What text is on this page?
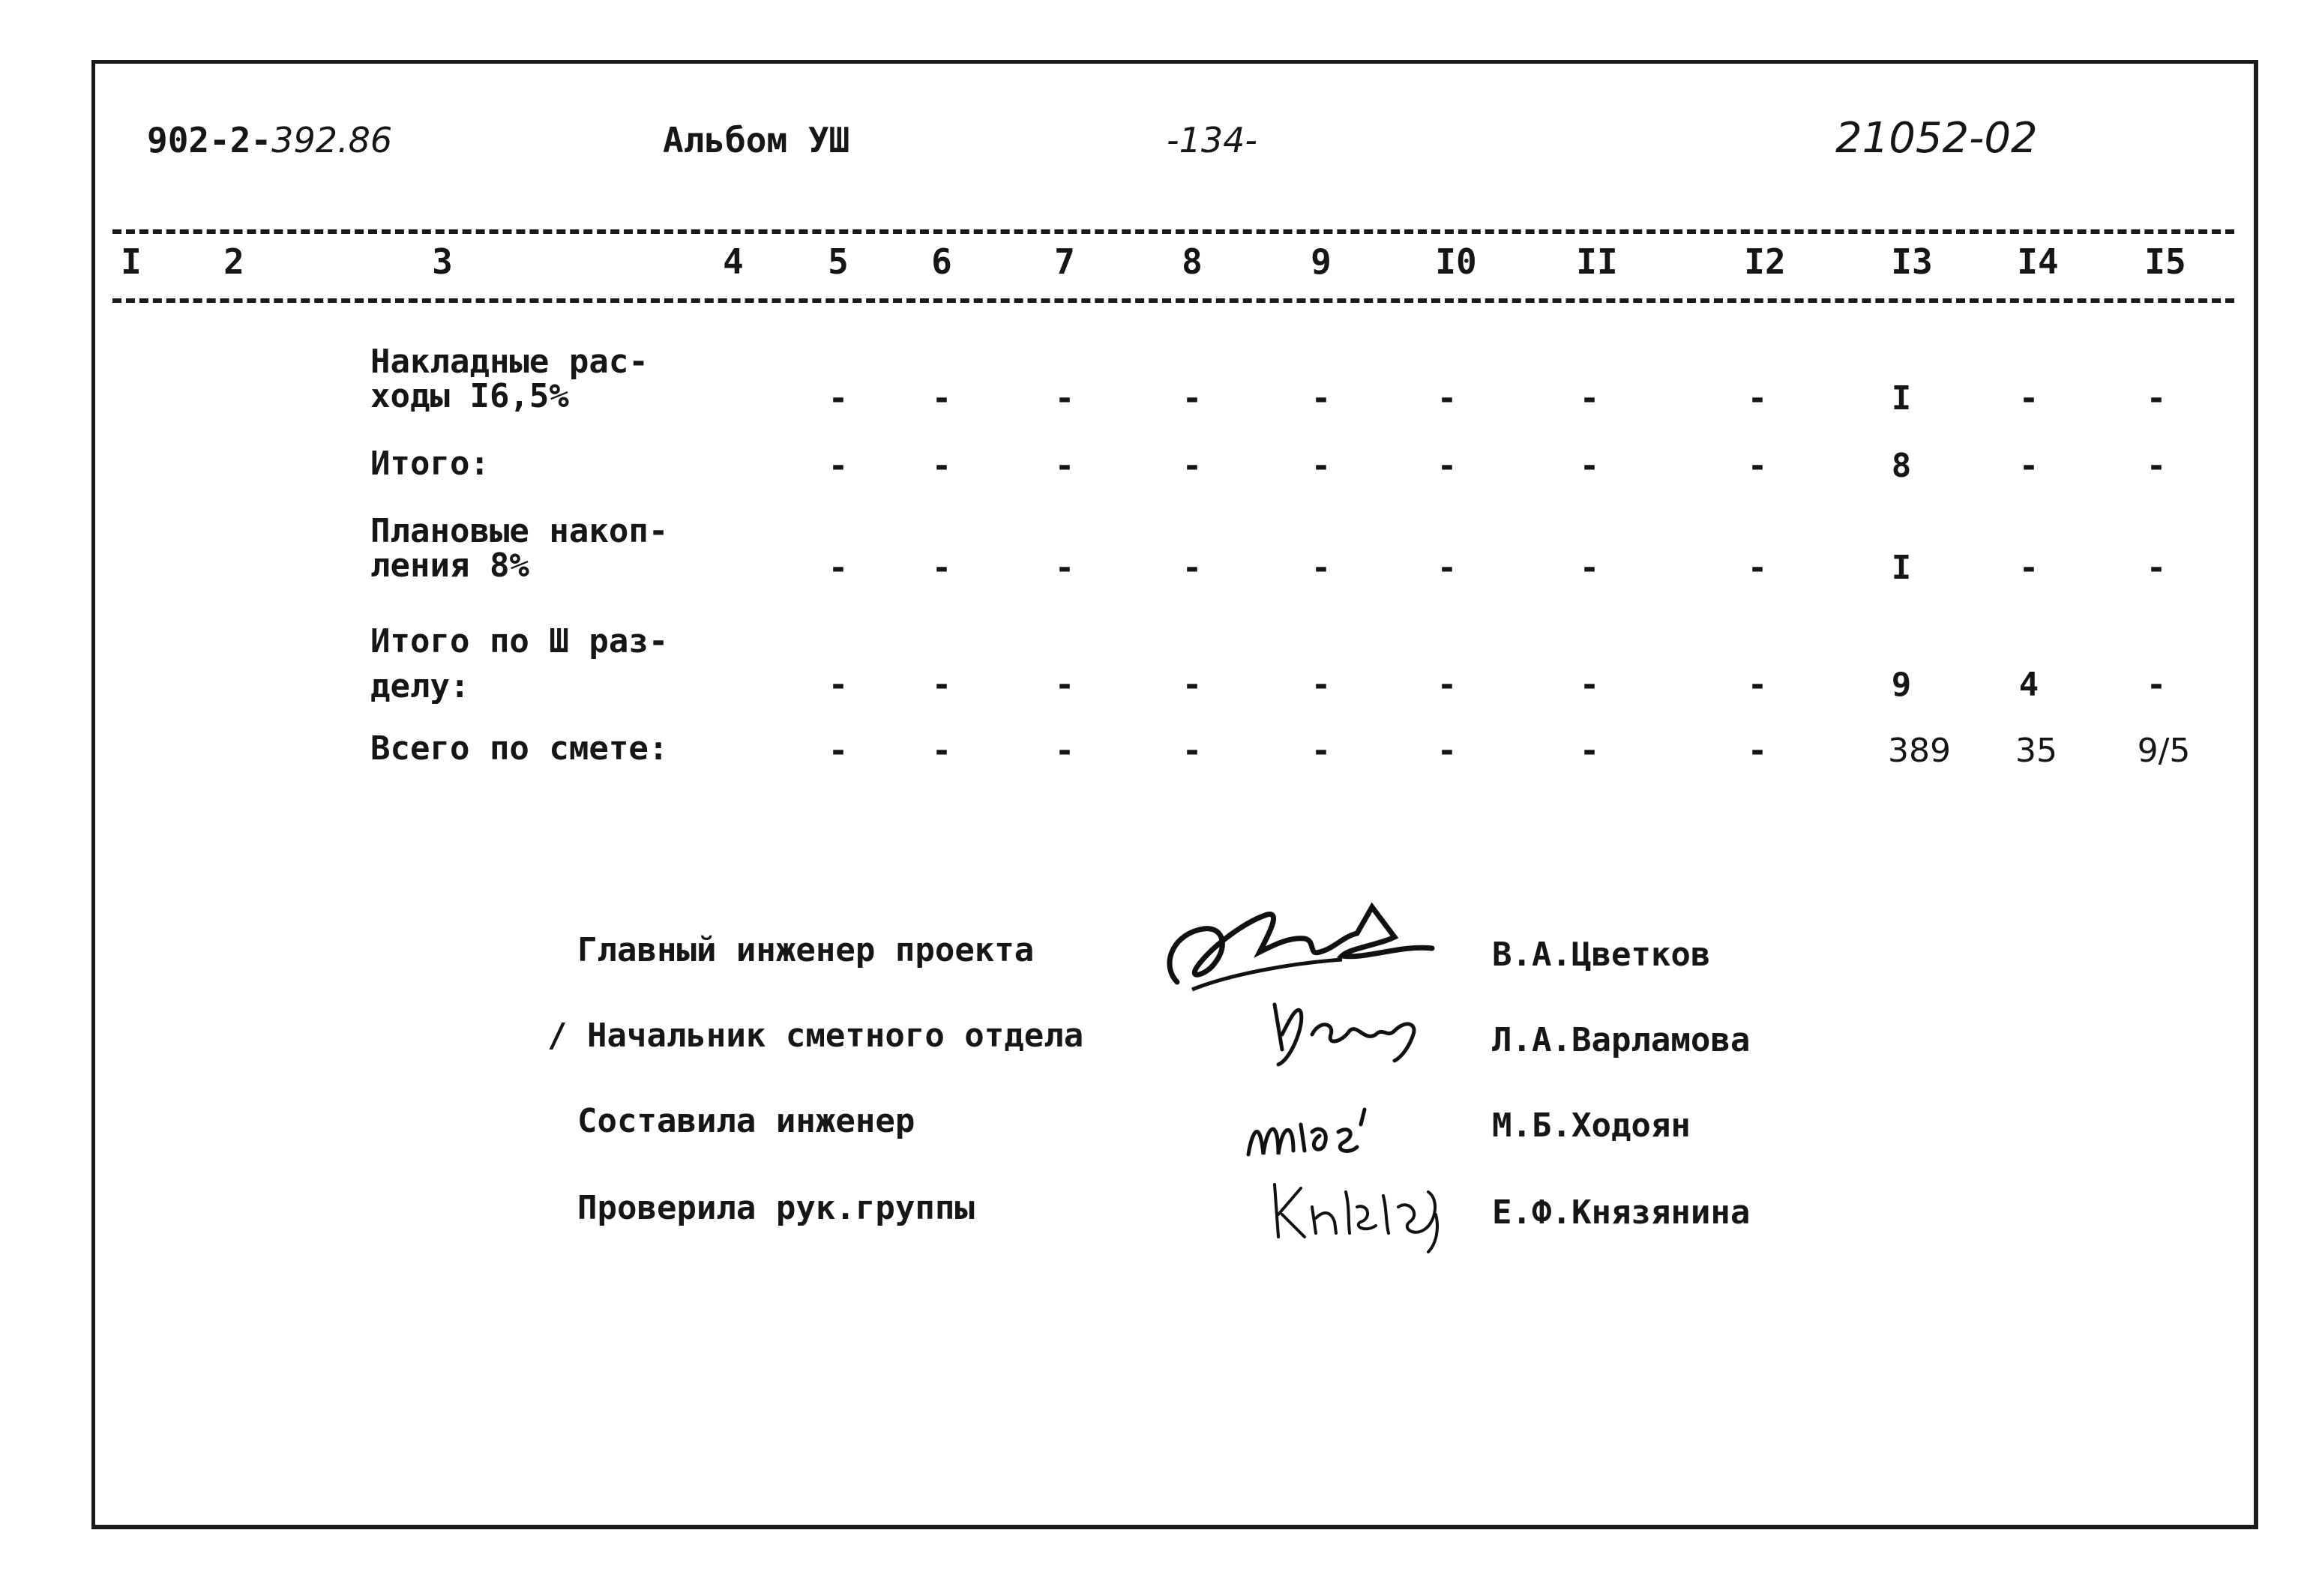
902-2-392.86	Альбом УШ	-134-	21052-02
I 2	3	4 5 6	7	8	9	I0	II	I2	I3 I4 I5
Накладные рас-
ходы I6,5%	-	-	-	-	-	-	-	-	I	-	-
Итого:	-	-	-	-	-	-	-	-	8	-	-
Плановые накоп-
ления 8%	-	-	-	-	-	-	-	-	I	-	-
Итого по Ш раз-
делу:	-	-	-	-	-	-	-	-	9	4	-
Всего по смете:	-	-	-	-	-	-	-	-	389 35 9/5
Главный инженер проекта
/ Начальник сметного отдела
Составила инженер
Проверила рук.группы
В.А.Цветков
Л.А.Варламова
М.Б.Ходоян
Е.Ф.Князянина
